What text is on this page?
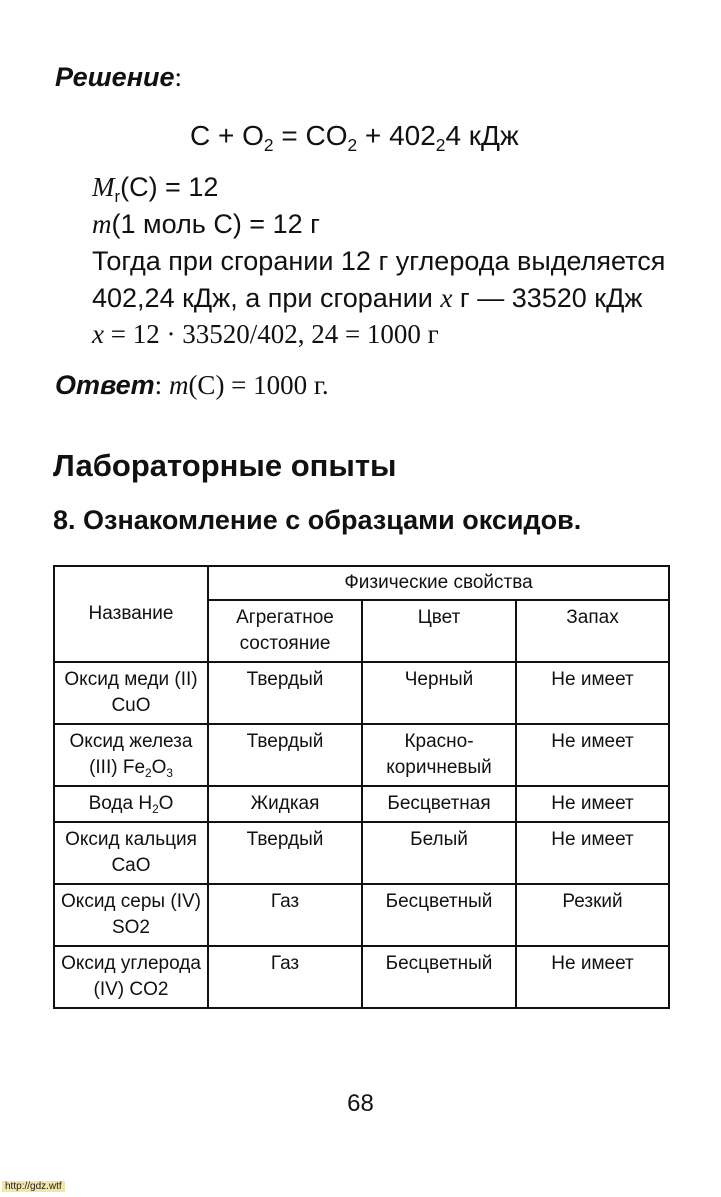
Решение:
$C + O_2 = CO_2 + 402_24$ кДж
$M_r(C) = 12$
m(1 моль C) = 12 г
Тогда при сгорании 12 г углерода выделяется
402,24 кДж, а при сгорании x г — 33520 кДж
x = 12 · 33520/402, 24 = 1000 г
Ответ: m(C) = 1000 г.
Лабораторные опыты
8. Ознакомление с образцами оксидов.
Название	Физические свойства		
	Агрегатное состояние	Цвет	Запах
Оксид меди (II) CuO	Твердый	Черный	Не имеет
Оксид железа (III) $Fe_2O_3$	Твердый	Красно-коричневый	Не имеет
Вода $H_2O$	Жидкая	Бесцветная	Не имеет
Оксид кальция CaO	Твердый	Белый	Не имеет
Оксид серы (IV) SO2	Газ	Бесцветный	Резкий
Оксид углерода (IV) CO2	Газ	Бесцветный	Не имеет
68
http://gdz.wtf
